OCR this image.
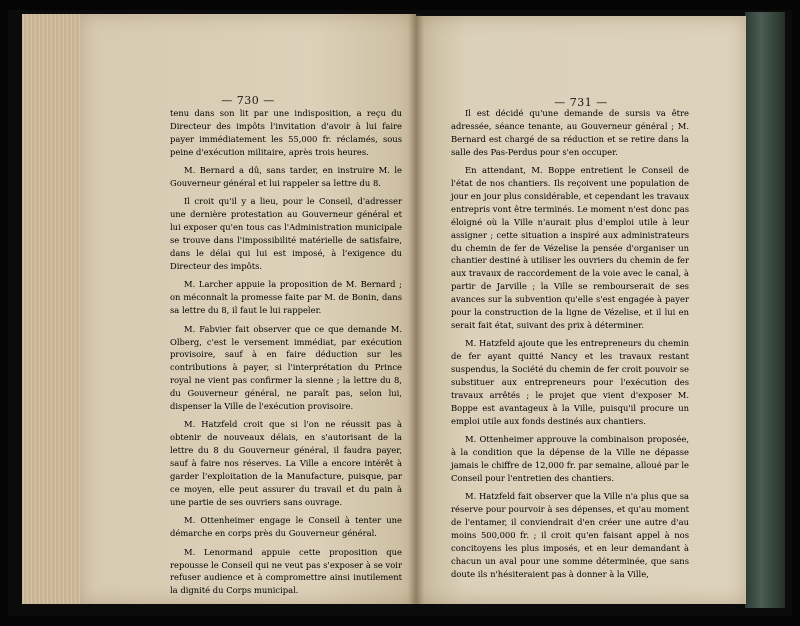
— 730 —	— 731 —

tenu dans son lit par une indisposition, a reçu du Directeur des impôts l'invitation d'avoir à lui faire payer immédiatement les 55,000 fr. réclamés, sous peine d'exécution militaire, après trois heures.

M. Bernard a dû, sans tarder, en instruire M. le Gouverneur général et lui rappeler sa lettre du 8.

Il croit qu'il y a lieu, pour le Conseil, d'adresser une dernière protestation au Gouverneur général et lui exposer qu'en tous cas l'Administration municipale se trouve dans l'impossibilité matérielle de satisfaire, dans le délai qui lui est imposé, à l'exigence du Directeur des impôts.

M. Larcher appuie la proposition de M. Bernard ; on méconnaît la promesse faite par M. de Bonin, dans sa lettre du 8, il faut le lui rappeler.

M. Fabvier fait observer que ce que demande M. Olberg, c'est le versement immédiat, par exécution provisoire, sauf à en faire déduction sur les contributions à payer, si l'interprétation du Prince royal ne vient pas confirmer la sienne ; la lettre du 8, du Gouverneur général, ne paraît pas, selon lui, dispenser la Ville de l'exécution provisoire.

M. Hatzfeld croit que si l'on ne réussit pas à obtenir de nouveaux délais, en s'autorisant de la lettre du 8 du Gouverneur général, il faudra payer, sauf à faire nos réserves. La Ville a encore intérêt à garder l'exploitation de la Manufacture, puisque, par ce moyen, elle peut assurer du travail et du pain à une partie de ses ouvriers sans ouvrage.

M. Ottenheimer engage le Conseil à tenter une démarche en corps près du Gouverneur général.

M. Lenormand appuie cette proposition que repousse le Conseil qui ne veut pas s'exposer à se voir refuser audience et à compromettre ainsi inutilement la dignité du Corps municipal.

Il est décidé qu'une demande de sursis va être adressée, séance tenante, au Gouverneur général ; M. Bernard est chargé de sa réduction et se retire dans la salle des Pas-Perdus pour s'en occuper.

En attendant, M. Boppe entretient le Conseil de l'état de nos chantiers. Ils reçoivent une population de jour en jour plus considérable, et cependant les travaux entrepris vont être terminés. Le moment n'est donc pas éloigné où la Ville n'aurait plus d'emploi utile à leur assigner ; cette situation a inspiré aux administrateurs du chemin de fer de Vézelise la pensée d'organiser un chantier destiné à utiliser les ouvriers du chemin de fer aux travaux de raccordement de la voie avec le canal, à partir de Jarville ; la Ville se rembourserait de ses avances sur la subvention qu'elle s'est engagée à payer pour la construction de la ligne de Vézelise, et il lui en serait fait état, suivant des prix à déterminer.

M. Hatzfeld ajoute que les entrepreneurs du chemin de fer ayant quitté Nancy et les travaux restant suspendus, la Société du chemin de fer croit pouvoir se substituer aux entrepreneurs pour l'exécution des travaux arrêtés ; le projet que vient d'exposer M. Boppe est avantageux à la Ville, puisqu'il procure un emploi utile aux fonds destinés aux chantiers.

M. Ottenheimer approuve la combinaison proposée, à la condition que la dépense de la Ville ne dépasse jamais le chiffre de 12,000 fr. par semaine, alloué par le Conseil pour l'entretien des chantiers.

M. Hatzfeld fait observer que la Ville n'a plus que sa réserve pour pourvoir à ses dépenses, et qu'au moment de l'entamer, il conviendrait d'en créer une autre d'au moins 500,000 fr. ; il croit qu'en faisant appel à nos concitoyens les plus imposés, et en leur demandant à chacun un aval pour une somme déterminée, que sans doute ils n'hésiteraient pas à donner à la Ville,
